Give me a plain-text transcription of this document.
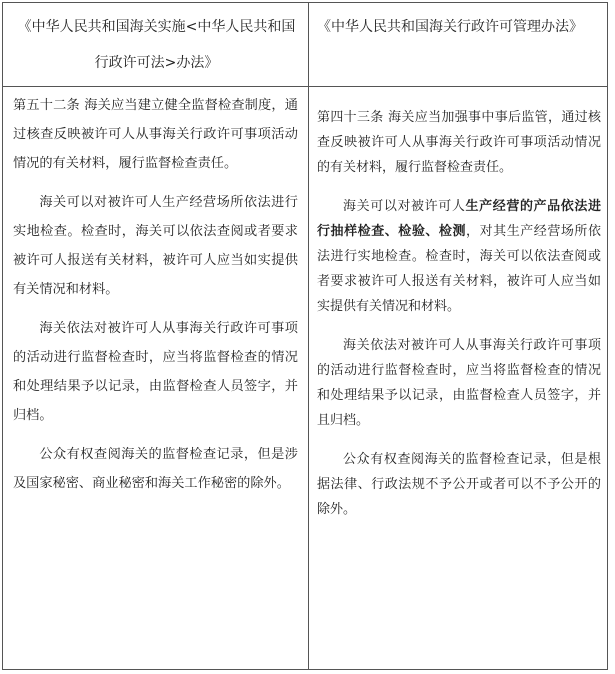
《中华人民共和国海关实施<中华人民共和国行政许可法>办法》

《中华人民共和国海关行政许可管理办法》

第五十二条 海关应当建立健全监督检查制度，通过核查反映被许可人从事海关行政许可事项活动情况的有关材料，履行监督检查责任。

海关可以对被许可人生产经营场所依法进行实地检查。检查时，海关可以依法查阅或者要求被许可人报送有关材料，被许可人应当如实提供有关情况和材料。

海关依法对被许可人从事海关行政许可事项的活动进行监督检查时，应当将监督检查的情况和处理结果予以记录，由监督检查人员签字，并归档。

公众有权查阅海关的监督检查记录，但是涉及国家秘密、商业秘密和海关工作秘密的除外。

第四十三条 海关应当加强事中事后监管，通过核查反映被许可人从事海关行政许可事项活动情况的有关材料，履行监督检查责任。

海关可以对被许可人生产经营的产品依法进行抽样检查、检验、检测，对其生产经营场所依法进行实地检查。检查时，海关可以依法查阅或者要求被许可人报送有关材料，被许可人应当如实提供有关情况和材料。

海关依法对被许可人从事海关行政许可事项的活动进行监督检查时，应当将监督检查的情况和处理结果予以记录，由监督检查人员签字，并且归档。

公众有权查阅海关的监督检查记录，但是根据法律、行政法规不予公开或者可以不予公开的除外。
